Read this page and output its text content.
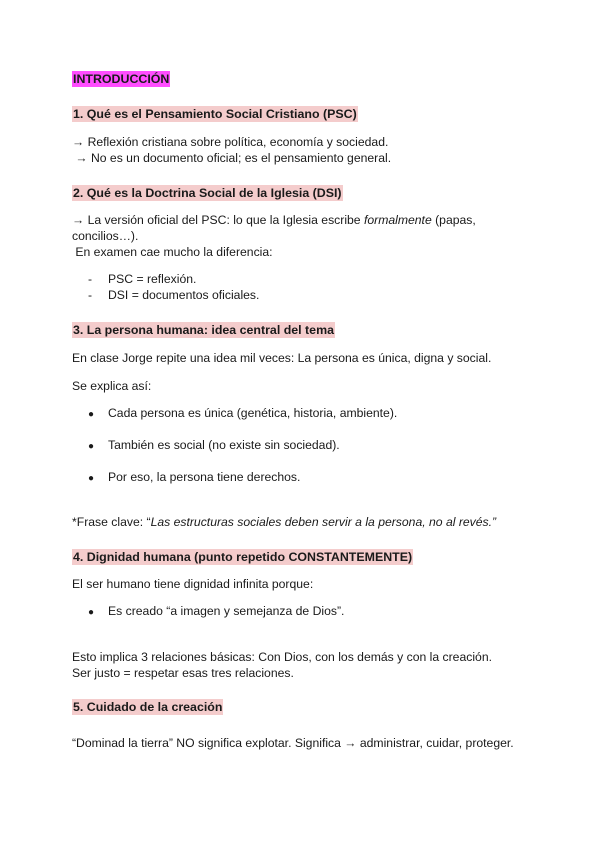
INTRODUCCIÓN
1. Qué es el Pensamiento Social Cristiano (PSC)
→ Reflexión cristiana sobre política, economía y sociedad.
→ No es un documento oficial; es el pensamiento general.
2. Qué es la Doctrina Social de la Iglesia (DSI)
→ La versión oficial del PSC: lo que la Iglesia escribe formalmente (papas,
concilios…).
En examen cae mucho la diferencia:
- PSC = reflexión.
- DSI = documentos oficiales.
3. La persona humana: idea central del tema
En clase Jorge repite una idea mil veces: La persona es única, digna y social.
Se explica así:
● Cada persona es única (genética, historia, ambiente).
● También es social (no existe sin sociedad).
● Por eso, la persona tiene derechos.
*Frase clave: “Las estructuras sociales deben servir a la persona, no al revés.”
4. Dignidad humana (punto repetido CONSTANTEMENTE)
El ser humano tiene dignidad infinita porque:
● Es creado “a imagen y semejanza de Dios”.
Esto implica 3 relaciones básicas: Con Dios, con los demás y con la creación.
Ser justo = respetar esas tres relaciones.
5. Cuidado de la creación
“Dominad la tierra” NO significa explotar. Significa → administrar, cuidar, proteger.
